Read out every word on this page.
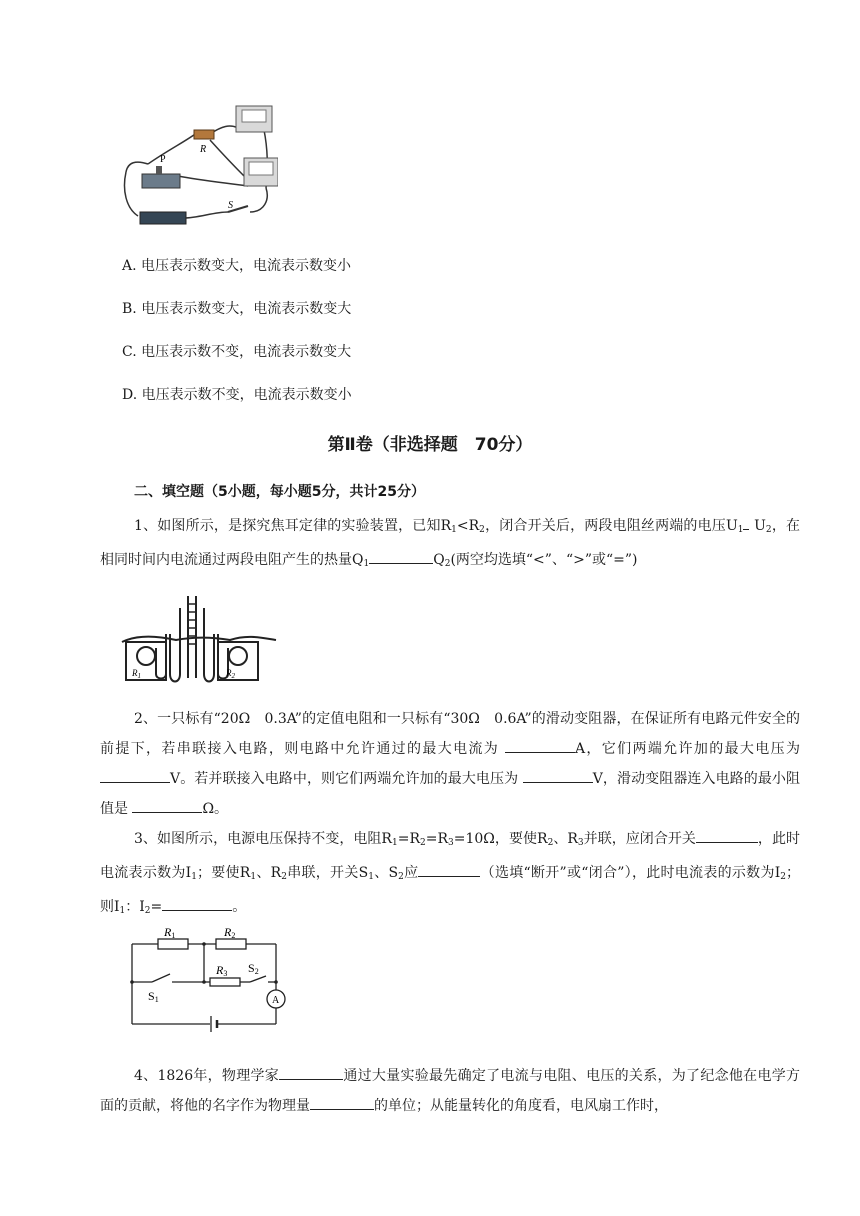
P
R
S
A. 电压表示数变大，电流表示数变小
B. 电压表示数变大，电流表示数变大
C. 电压表示数不变，电流表示数变大
D. 电压表示数不变，电流表示数变小
第Ⅱ卷（非选择题　70分）
二、填空题（5小题，每小题5分，共计25分）
1、如图所示，是探究焦耳定律的实验装置，已知$R_1<R_2$，闭合开关后，两段电阻丝两端的电压$U_1$ $U_2$，在相同时间内电流通过两段电阻产生的热量$Q_1$	$Q_2$(两空均选填“<”、“>”或“=”)
$R_1$	$R_2$
2、一只标有“20Ω　0.3A”的定值电阻和一只标有“30Ω　0.6A”的滑动变阻器，在保证所有电路元件安全的前提下，若串联接入电路，则电路中允许通过的最大电流为	A，它们两端允许加的最大电压为 V。若并联接入电路中，则它们两端允许加的最大电压为	V，滑动变阻器连入电路的最小阻值是	Ω。
3、如图所示，电源电压保持不变，电阻$R_1=R_2=R_3=10\Omega$，要使$R_2$、$R_3$并联，应闭合开关	，此时电流表示数为$I_1$；要使$R_1$、$R_2$串联，开关$S_1$、$S_2$应	（选填“断开”或“闭合”），此时电流表的示数为$I_2$；则$I_1$：$I_2=$	。
R1	R2
R3 S2
S1	A
4、1826年，物理学家	通过大量实验最先确定了电流与电阻、电压的关系，为了纪念他在电学方面的贡献，将他的名字作为物理量	的单位；从能量转化的角度看，电风扇工作时，
